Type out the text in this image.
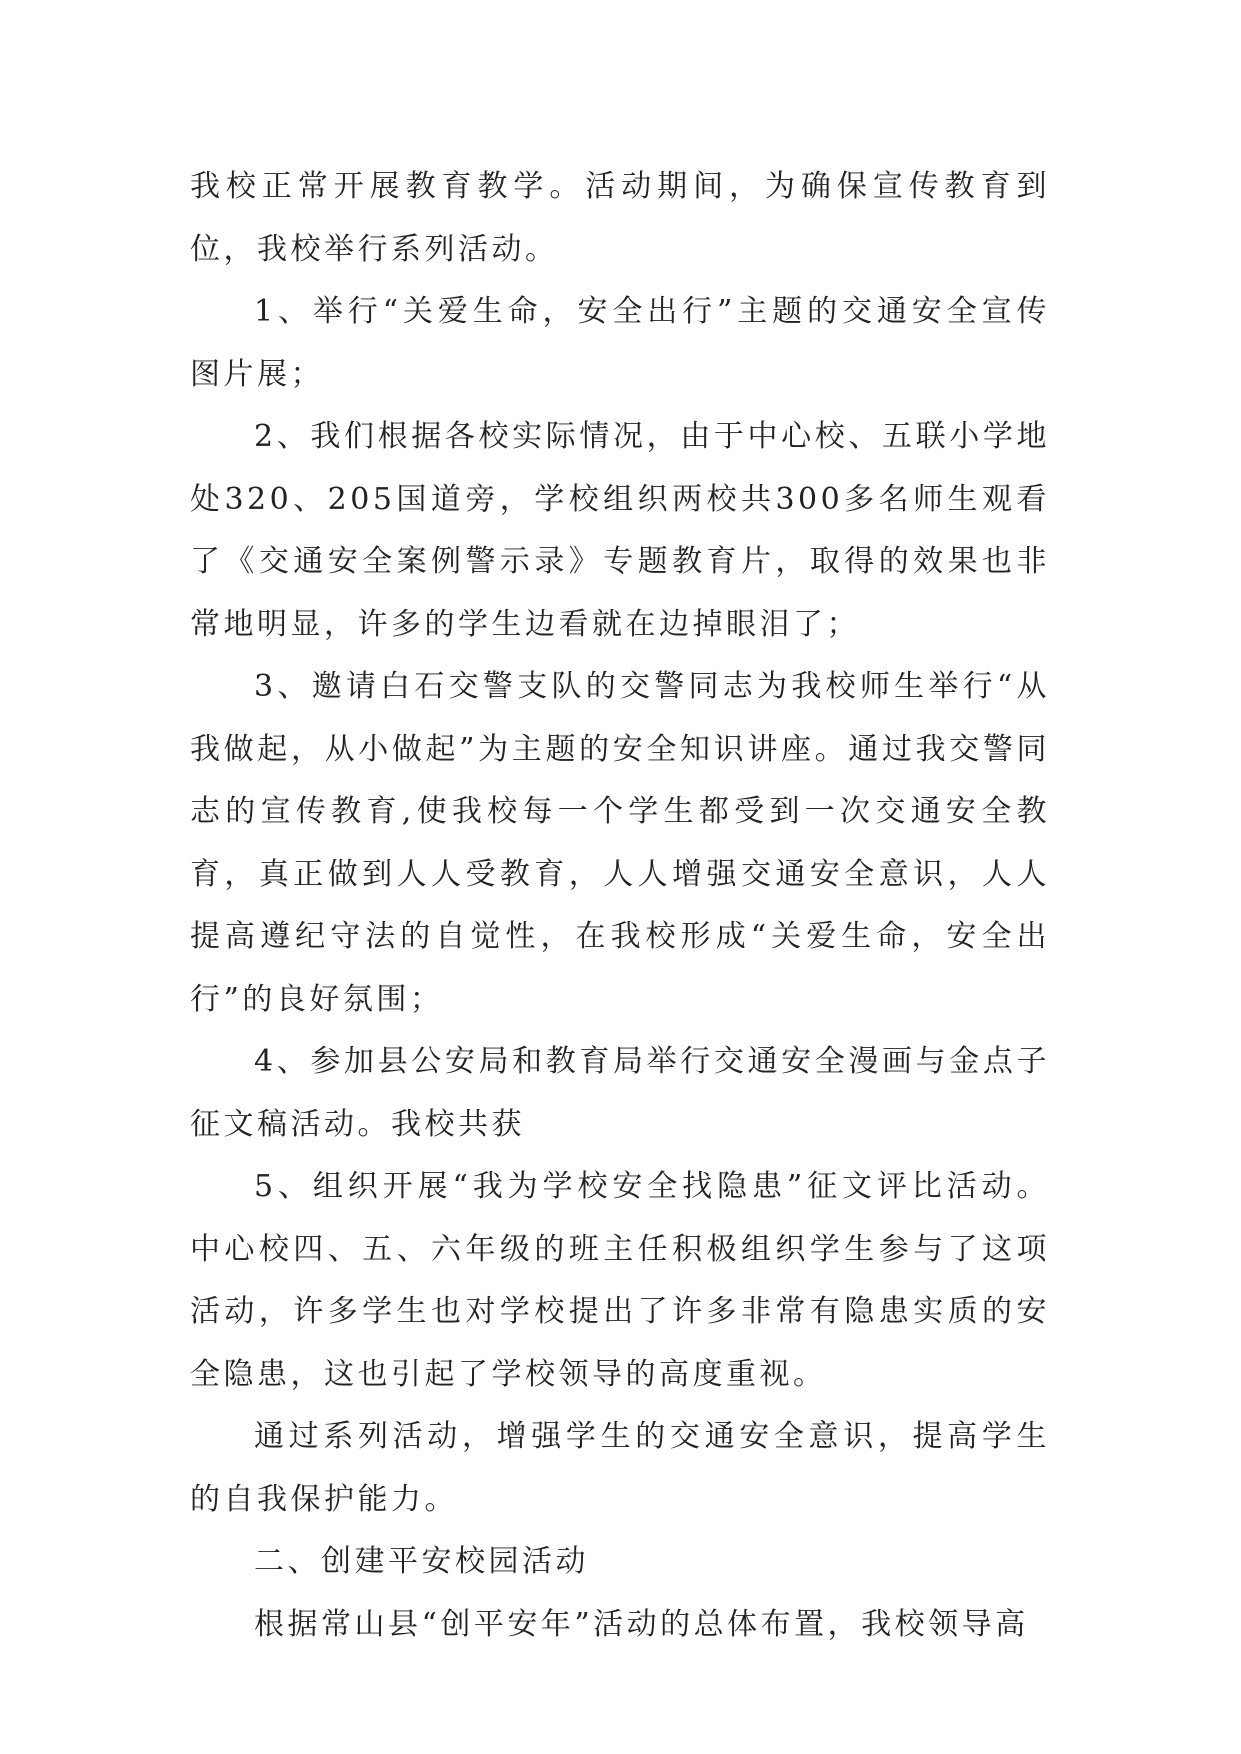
我校正常开展教育教学。活动期间，为确保宣传教育到位，我校举行系列活动。

1、举行“关爱生命，安全出行”主题的交通安全宣传图片展；

2、我们根据各校实际情况，由于中心校、五联小学地处320、205国道旁，学校组织两校共300多名师生观看了《交通安全案例警示录》专题教育片，取得的效果也非常地明显，许多的学生边看就在边掉眼泪了；

3、邀请白石交警支队的交警同志为我校师生举行“从我做起，从小做起”为主题的安全知识讲座。通过我交警同志的宣传教育,使我校每一个学生都受到一次交通安全教育，真正做到人人受教育，人人增强交通安全意识，人人提高遵纪守法的自觉性，在我校形成“关爱生命，安全出行”的良好氛围；

4、参加县公安局和教育局举行交通安全漫画与金点子征文稿活动。我校共获

5、组织开展“我为学校安全找隐患”征文评比活动。中心校四、五、六年级的班主任积极组织学生参与了这项活动，许多学生也对学校提出了许多非常有隐患实质的安全隐患，这也引起了学校领导的高度重视。

通过系列活动，增强学生的交通安全意识，提高学生的自我保护能力。

二、创建平安校园活动

根据常山县“创平安年”活动的总体布置，我校领导高
